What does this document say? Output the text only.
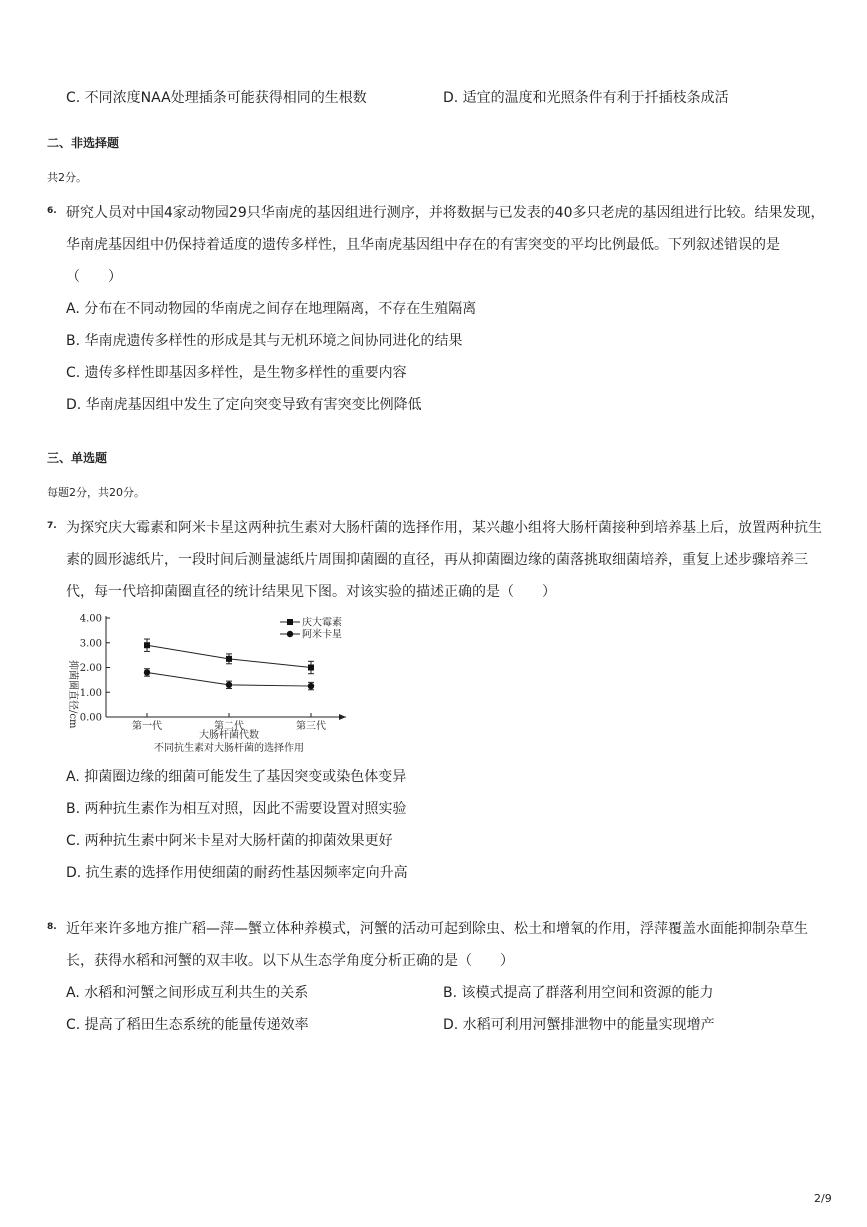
C. 不同浓度NAA处理插条可能获得相同的生根数	D. 适宜的温度和光照条件有利于扦插枝条成活
二、非选择题
共2分。
6. 研究人员对中国4家动物园29只华南虎的基因组进行测序，并将数据与已发表的40多只老虎的基因组进行比较。结果发现，
华南虎基因组中仍保持着适度的遗传多样性，且华南虎基因组中存在的有害突变的平均比例最低。下列叙述错误的是
（　　）
A. 分布在不同动物园的华南虎之间存在地理隔离，不存在生殖隔离
B. 华南虎遗传多样性的形成是其与无机环境之间协同进化的结果
C. 遗传多样性即基因多样性，是生物多样性的重要内容
D. 华南虎基因组中发生了定向突变导致有害突变比例降低
三、单选题
每题2分，共20分。
7. 为探究庆大霉素和阿米卡星这两种抗生素对大肠杆菌的选择作用，某兴趣小组将大肠杆菌接种到培养基上后，放置两种抗生
素的圆形滤纸片，一段时间后测量滤纸片周围抑菌圈的直径，再从抑菌圈边缘的菌落挑取细菌培养，重复上述步骤培养三
代，每一代培抑菌圈直径的统计结果见下图。对该实验的描述正确的是（　　）
0.00
1.00
2.00
3.00
4.00
第一代	第二代	第三代
庆大霉素
阿米卡星
抑菌圈直径/cm
大肠杆菌代数
不同抗生素对大肠杆菌的选择作用
A. 抑菌圈边缘的细菌可能发生了基因突变或染色体变异
B. 两种抗生素作为相互对照，因此不需要设置对照实验
C. 两种抗生素中阿米卡星对大肠杆菌的抑菌效果更好
D. 抗生素的选择作用使细菌的耐药性基因频率定向升高
8. 近年来许多地方推广稻—萍—蟹立体种养模式，河蟹的活动可起到除虫、松土和增氧的作用，浮萍覆盖水面能抑制杂草生
长，获得水稻和河蟹的双丰收。以下从生态学角度分析正确的是（　　）
A. 水稻和河蟹之间形成互利共生的关系	B. 该模式提高了群落利用空间和资源的能力
C. 提高了稻田生态系统的能量传递效率	D. 水稻可利用河蟹排泄物中的能量实现增产
2/9
